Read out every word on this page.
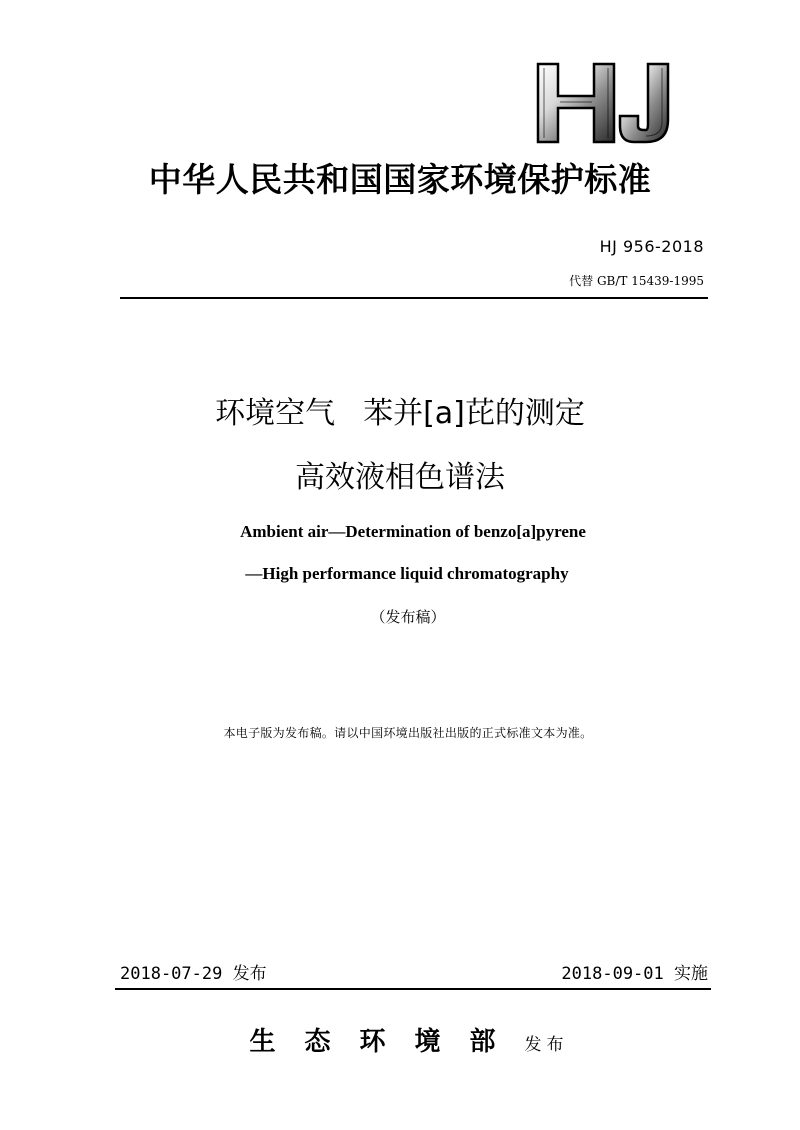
中华人民共和国国家环境保护标准
HJ 956-2018
代替 GB/T 15439-1995
环境空气 苯并[a]芘的测定
高效液相色谱法
Ambient air—Determination of benzo[a]pyrene
—High performance liquid chromatography
（发布稿）
本电子版为发布稿。请以中国环境出版社出版的正式标准文本为准。
2018-07-29 发布	2018-09-01 实施
生态环境部发布
